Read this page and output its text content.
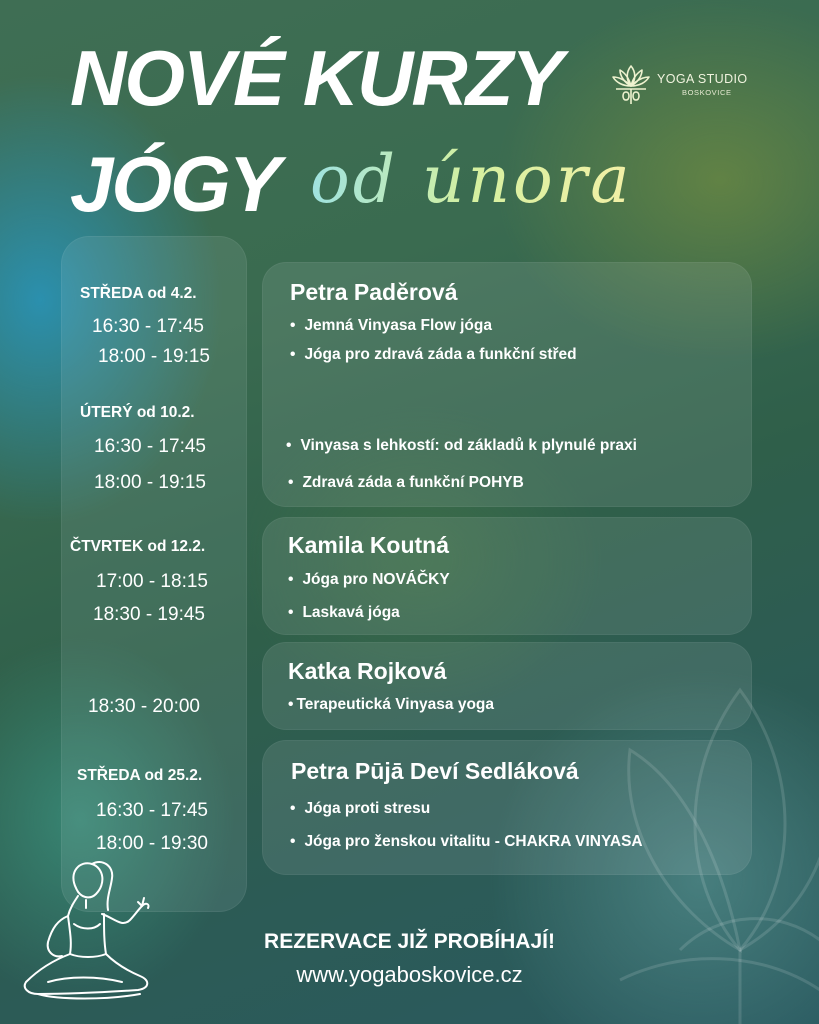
NOVÉ KURZY
JÓGY od února
YOGA STUDIO
BOSKOVICE
STŘEDA od 4.2.
16:30 - 17:45
18:00 - 19:15
ÚTERÝ od 10.2.
16:30 - 17:45
18:00 - 19:15
ČTVRTEK od 12.2.
17:00 - 18:15
18:30 - 19:45
18:30 - 20:00
STŘEDA od 25.2.
16:30 - 17:45
18:00 - 19:30
Petra Paděrová
• Jemná Vinyasa Flow jóga
• Jóga pro zdravá záda a funkční střed
• Vinyasa s lehkostí: od základů k plynulé praxi
• Zdravá záda a funkční POHYB
Kamila Koutná
• Jóga pro NOVÁČKY
• Laskavá jóga
Katka Rojková
• Terapeutická Vinyasa yoga
Petra Pūjā Deví Sedláková
• Jóga proti stresu
• Jóga pro ženskou vitalitu - CHAKRA VINYASA
REZERVACE JIŽ PROBÍHAJÍ!
www.yogaboskovice.cz
